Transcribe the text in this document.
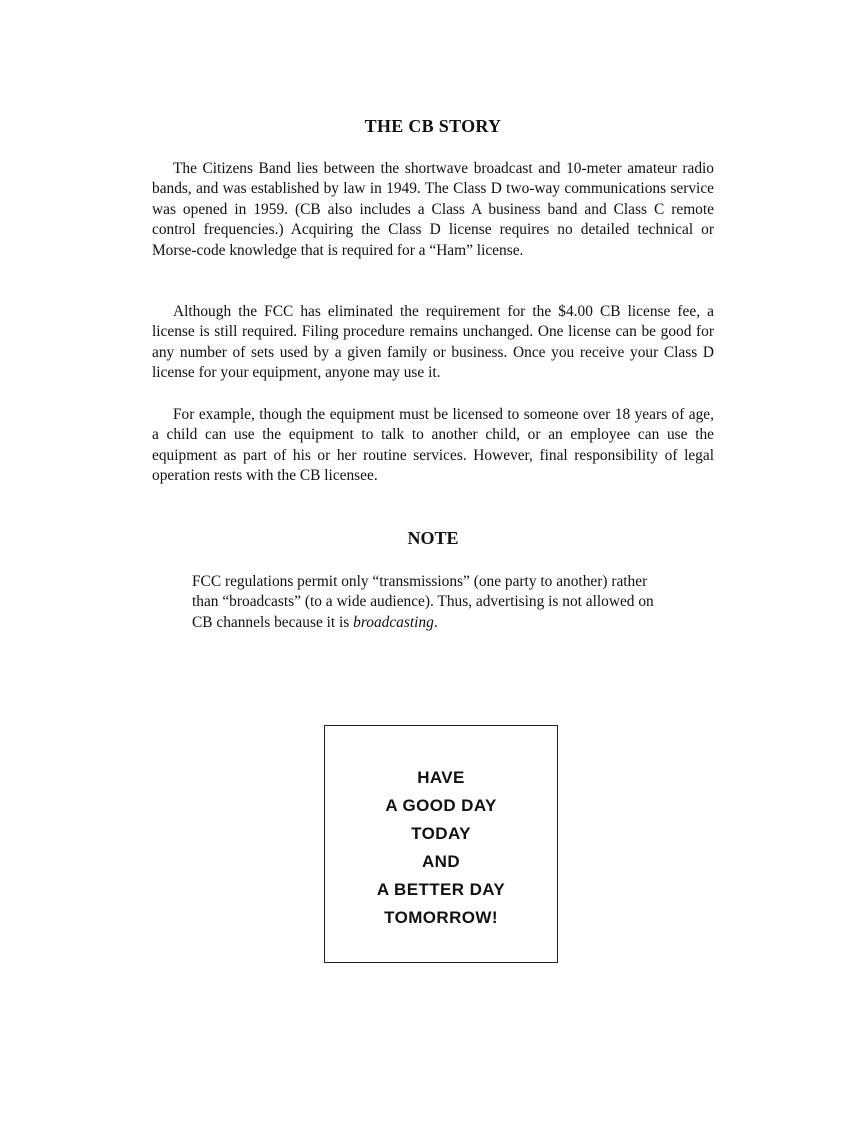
THE CB STORY

The Citizens Band lies between the shortwave broadcast and 10-meter amateur radio bands, and was established by law in 1949. The Class D two-way communications service was opened in 1959. (CB also includes a Class A business band and Class C remote control frequencies.) Acquiring the Class D license requires no detailed technical or Morse-code knowledge that is required for a “Ham” license.

Although the FCC has eliminated the requirement for the $4.00 CB license fee, a license is still required. Filing procedure remains unchanged. One license can be good for any number of sets used by a given family or business. Once you receive your Class D license for your equipment, anyone may use it.

For example, though the equipment must be licensed to someone over 18 years of age, a child can use the equipment to talk to another child, or an employee can use the equipment as part of his or her routine services. However, final responsibility of legal operation rests with the CB licensee.

NOTE

FCC regulations permit only “transmissions” (one party to another) rather than “broadcasts” (to a wide audience). Thus, advertising is not allowed on CB channels because it is broadcasting.

HAVE
A GOOD DAY
TODAY
AND
A BETTER DAY
TOMORROW!
